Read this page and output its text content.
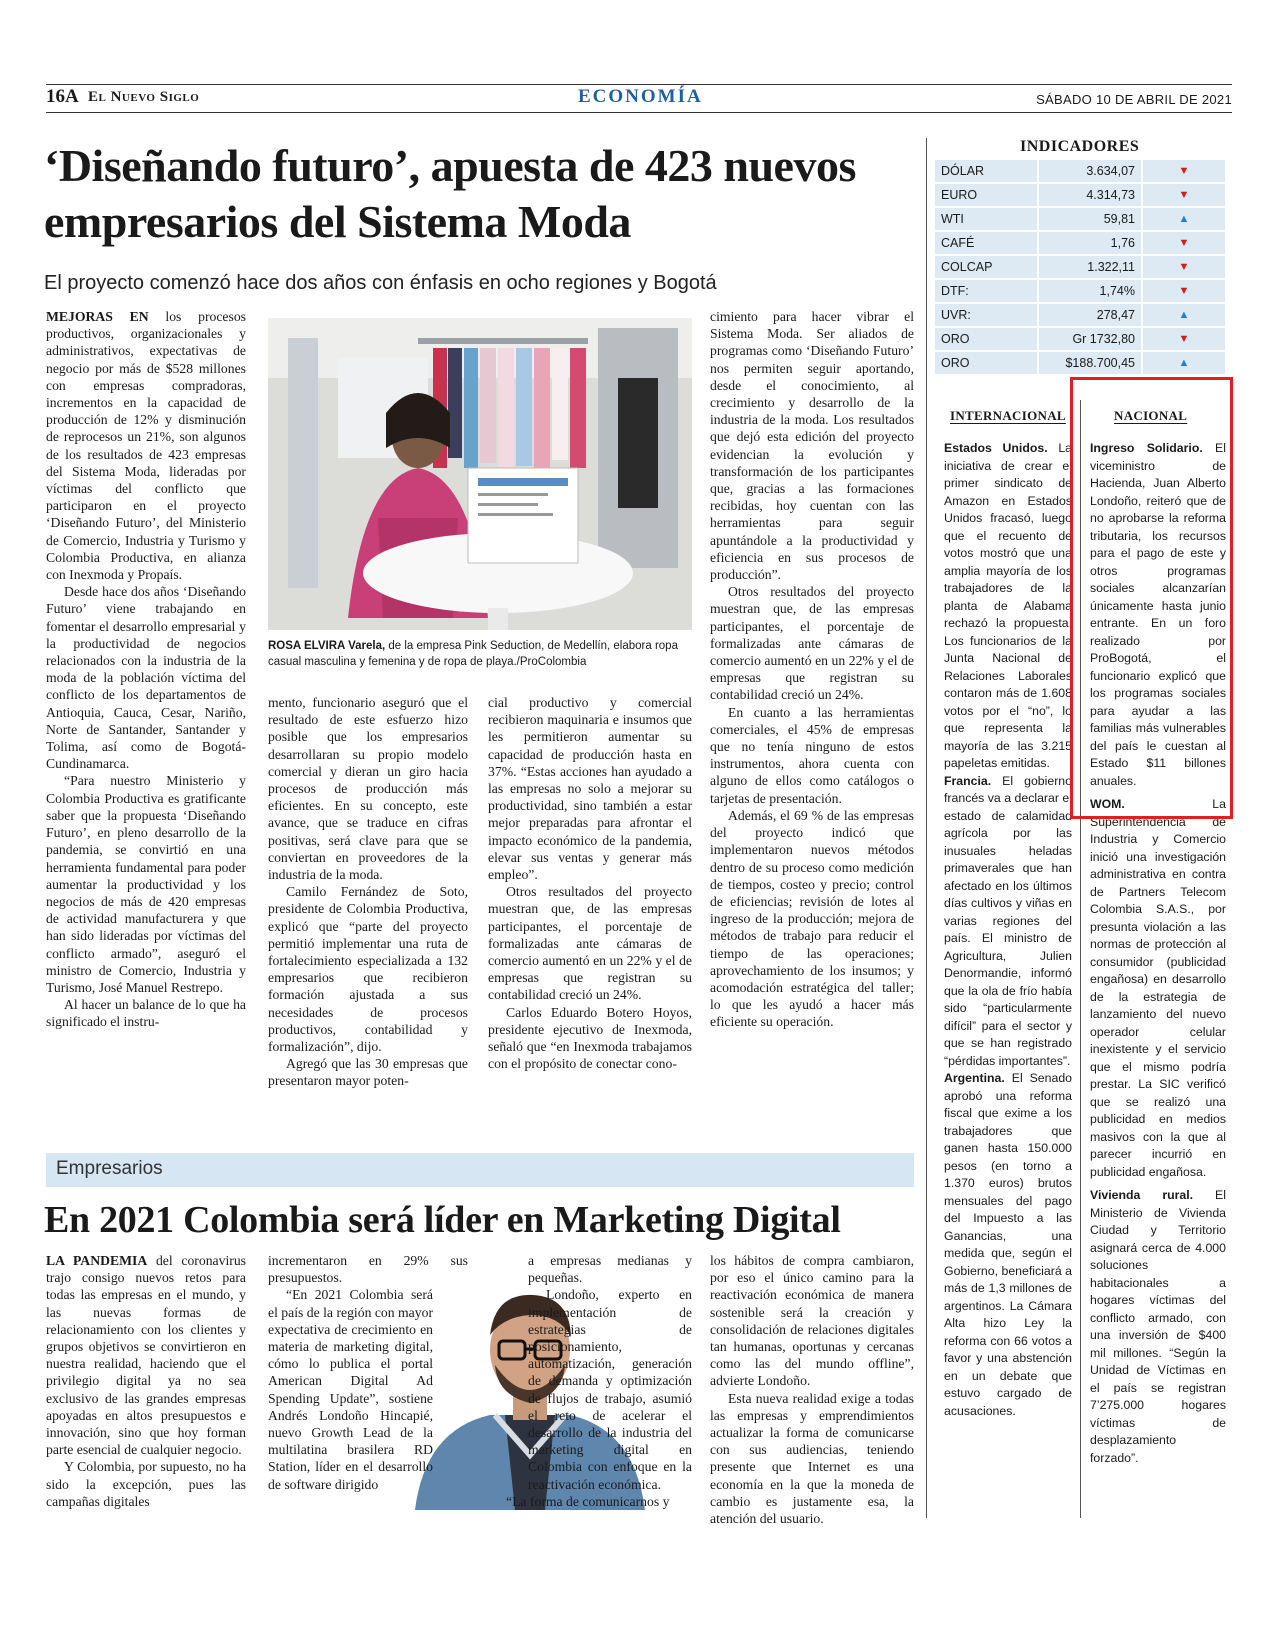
16A El Nuevo Siglo	ECONOMÍA	SÁBADO 10 DE ABRIL DE 2021
‘Diseñando futuro’, apuesta de 423 nuevos empresarios del Sistema Moda

El proyecto comenzó hace dos años con énfasis en ocho regiones y Bogotá

MEJORAS EN los procesos productivos, organizacionales y administrativos, expectativas de negocio por más de $528 millones con empresas compradoras, incrementos en la capacidad de producción de 12% y disminución de reprocesos un 21%, son algunos de los resultados de 423 empresas del Sistema Moda, lideradas por víctimas del conflicto que participaron en el proyecto ‘Diseñando Futuro’, del Ministerio de Comercio, Industria y Turismo y Colombia Productiva, en alianza con Inexmoda y Propaís.

Desde hace dos años ‘Diseñando Futuro’ viene trabajando en fomentar el desarrollo empresarial y la productividad de negocios relacionados con la industria de la moda de la población víctima del conflicto de los departamentos de Antioquia, Cauca, Cesar, Nariño, Norte de Santander, Santander y Tolima, así como de Bogotá-Cundinamarca.

“Para nuestro Ministerio y Colombia Productiva es gratificante saber que la propuesta ‘Diseñando Futuro’, en pleno desarrollo de la pandemia, se convirtió en una herramienta fundamental para poder aumentar la productividad y los negocios de más de 420 empresas de actividad manufacturera y que han sido lideradas por víctimas del conflicto armado”, aseguró el ministro de Comercio, Industria y Turismo, José Manuel Restrepo.

Al hacer un balance de lo que ha significado el instru-

ROSA ELVIRA Varela, de la empresa Pink Seduction, de Medellín, elabora ropa casual masculina y femenina y de ropa de playa./ProColombia

mento, funcionario aseguró que el resultado de este esfuerzo hizo posible que los empresarios desarrollaran su propio modelo comercial y dieran un giro hacia procesos de producción más eficientes. En su concepto, este avance, que se traduce en cifras positivas, será clave para que se conviertan en proveedores de la industria de la moda.

Camilo Fernández de Soto, presidente de Colombia Productiva, explicó que “parte del proyecto permitió implementar una ruta de fortalecimiento especializada a 132 empresarios que recibieron formación ajustada a sus necesidades de procesos productivos, contabilidad y formalización”, dijo.

Agregó que las 30 empresas que presentaron mayor poten-

cial productivo y comercial recibieron maquinaria e insumos que les permitieron aumentar su capacidad de producción hasta en 37%. “Estas acciones han ayudado a las empresas no solo a mejorar su productividad, sino también a estar mejor preparadas para afrontar el impacto económico de la pandemia, elevar sus ventas y generar más empleo”.

Otros resultados del proyecto muestran que, de las empresas participantes, el porcentaje de formalizadas ante cámaras de comercio aumentó en un 22% y el de empresas que registran su contabilidad creció un 24%.

Carlos Eduardo Botero Hoyos, presidente ejecutivo de Inexmoda, señaló que “en Inexmoda trabajamos con el propósito de conectar cono-

cimiento para hacer vibrar el Sistema Moda. Ser aliados de programas como ‘Diseñando Futuro’ nos permiten seguir aportando, desde el conocimiento, al crecimiento y desarrollo de la industria de la moda. Los resultados que dejó esta edición del proyecto evidencian la evolución y transformación de los participantes que, gracias a las formaciones recibidas, hoy cuentan con las herramientas para seguir apuntándole a la productividad y eficiencia en sus procesos de producción”.

Otros resultados del proyecto muestran que, de las empresas participantes, el porcentaje de formalizadas ante cámaras de comercio aumentó en un 22% y el de empresas que registran su contabilidad creció un 24%.

En cuanto a las herramientas comerciales, el 45% de empresas que no tenía ninguno de estos instrumentos, ahora cuenta con alguno de ellos como catálogos o tarjetas de presentación.

Además, el 69 % de las empresas del proyecto indicó que implementaron nuevos métodos dentro de su proceso como medición de tiempos, costeo y precio; control de eficiencias; revisión de lotes al ingreso de la producción; mejora de métodos de trabajo para reducir el tiempo de las operaciones; aprovechamiento de los insumos; y acomodación estratégica del taller; lo que les ayudó a hacer más eficiente su operación.

Empresarios
En 2021 Colombia será líder en Marketing Digital

LA PANDEMIA del coronavirus trajo consigo nuevos retos para todas las empresas en el mundo, y las nuevas formas de relacionamiento con los clientes y grupos objetivos se convirtieron en nuestra realidad, haciendo que el privilegio digital ya no sea exclusivo de las grandes empresas apoyadas en altos presupuestos e innovación, sino que hoy forman parte esencial de cualquier negocio.

Y Colombia, por supuesto, no ha sido la excepción, pues las campañas digitales

incrementaron en 29% sus presupuestos.

“En 2021 Colombia será el país de la región con mayor expectativa de crecimiento en materia de marketing digital, cómo lo publica el portal American Digital Ad Spending Update”, sostiene Andrés Londoño Hincapié, nuevo Growth Lead de la multilatina brasilera RD Station, líder en el desarrollo de software dirigido

a empresas medianas y pequeñas.

Londoño, experto en implementación de estrategias de posicionamiento, automatización, generación de demanda y optimización de flujos de trabajo, asumió el reto de acelerar el desarrollo de la industria del marketing digital en Colombia con enfoque en la reactivación económica.

“La forma de comunicarnos y

los hábitos de compra cambiaron, por eso el único camino para la reactivación económica de manera sostenible será la creación y consolidación de relaciones digitales tan humanas, oportunas y cercanas como las del mundo offline”, advierte Londoño.

Esta nueva realidad exige a todas las empresas y emprendimientos actualizar la forma de comunicarse con sus audiencias, teniendo presente que Internet es una economía en la que la moneda de cambio es justamente esa, la atención del usuario.

INDICADORES
DÓLAR	3.634,07	▼
EURO	4.314,73	▼
WTI	59,81	▲
CAFÉ	1,76	▼
COLCAP	1.322,11	▼
DTF:	1,74%	▼
UVR:	278,47	▲
ORO	Gr 1732,80	▼
ORO	$188.700,45	▲
INTERNACIONAL	NACIONAL

Estados Unidos. La iniciativa de crear el primer sindicato de Amazon en Estados Unidos fracasó, luego que el recuento de votos mostró que una amplia mayoría de los trabajadores de la planta de Alabama rechazó la propuesta. Los funcionarios de la Junta Nacional de Relaciones Laborales contaron más de 1.608 votos por el “no”, lo que representa la mayoría de las 3.215 papeletas emitidas.

Francia. El gobierno francés va a declarar el estado de calamidad agrícola por las inusuales heladas primaverales que han afectado en los últimos días cultivos y viñas en varias regiones del país. El ministro de Agricultura, Julien Denormandie, informó que la ola de frío había sido “particularmente difícil” para el sector y que se han registrado “pérdidas importantes”.

Argentina. El Senado aprobó una reforma fiscal que exime a los trabajadores que ganen hasta 150.000 pesos (en torno a 1.370 euros) brutos mensuales del pago del Impuesto a las Ganancias, una medida que, según el Gobierno, beneficiará a más de 1,3 millones de argentinos. La Cámara Alta hizo Ley la reforma con 66 votos a favor y una abstención en un debate que estuvo cargado de acusaciones.

Ingreso Solidario. El viceministro de Hacienda, Juan Alberto Londoño, reiteró que de no aprobarse la reforma tributaria, los recursos para el pago de este y otros programas sociales alcanzarían únicamente hasta junio entrante. En un foro realizado por ProBogotá, el funcionario explicó que los programas sociales para ayudar a las familias más vulnerables del país le cuestan al Estado $11 billones anuales.

WOM. La Superintendencia de Industria y Comercio inició una investigación administrativa en contra de Partners Telecom Colombia S.A.S., por presunta violación a las normas de protección al consumidor (publicidad engañosa) en desarrollo de la estrategia de lanzamiento del nuevo operador celular inexistente y el servicio que el mismo podría prestar. La SIC verificó que se realizó una publicidad en medios masivos con la que al parecer incurrió en publicidad engañosa.

Vivienda rural. El Ministerio de Vivienda Ciudad y Territorio asignará cerca de 4.000 soluciones habitacionales a hogares víctimas del conflicto armado, con una inversión de $400 mil millones. “Según la Unidad de Víctimas en el país se registran 7’275.000 hogares víctimas de desplazamiento forzado”.
